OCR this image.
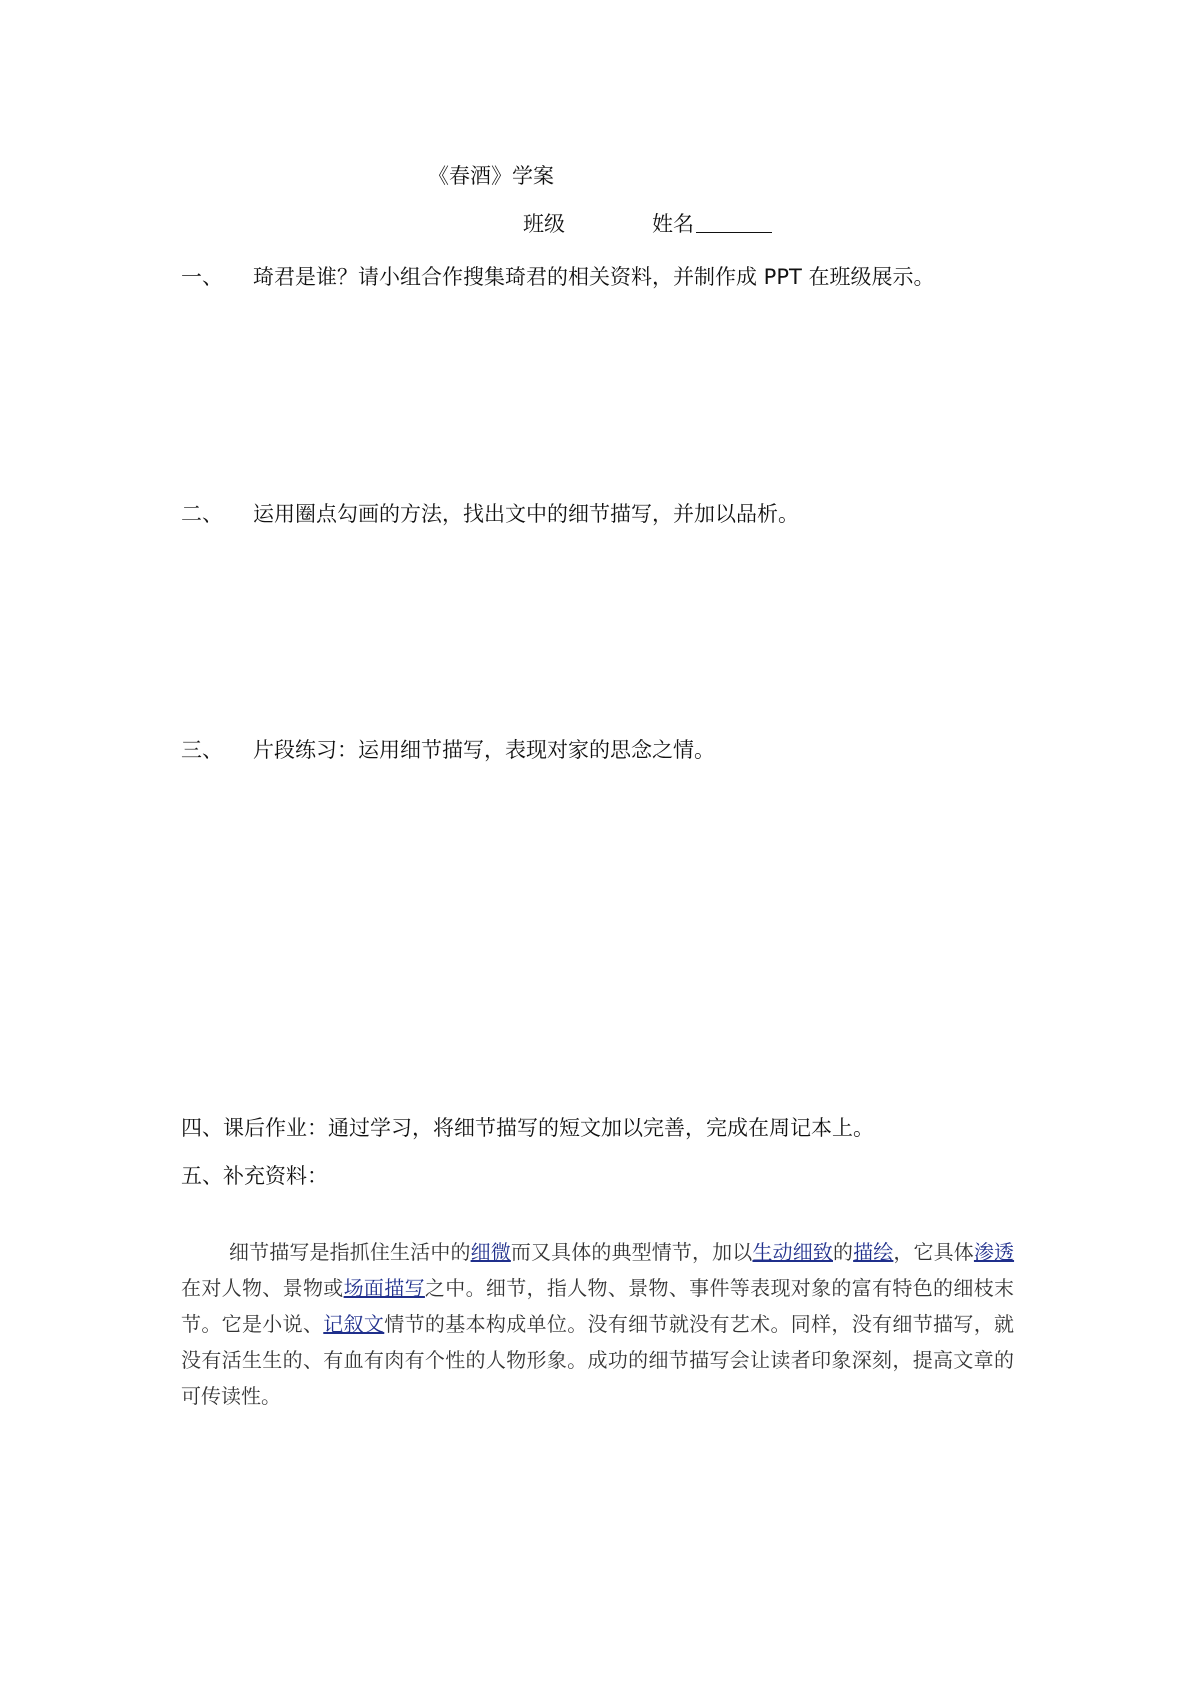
《春酒》学案
班级	姓名
一、 琦君是谁？请小组合作搜集琦君的相关资料，并制作成 PPT 在班级展示。
二、 运用圈点勾画的方法，找出文中的细节描写，并加以品析。
三、 片段练习：运用细节描写，表现对家的思念之情。
四、课后作业：通过学习，将细节描写的短文加以完善，完成在周记本上。
五、补充资料：

细节描写是指抓住生活中的细微而又具体的典型情节，加以生动细致的描绘，它具体渗透在对人物、景物或场面描写之中。细节，指人物、景物、事件等表现对象的富有特色的细枝末节。它是小说、记叙文情节的基本构成单位。没有细节就没有艺术。同样，没有细节描写，就没有活生生的、有血有肉有个性的人物形象。成功的细节描写会让读者印象深刻，提高文章的可传读性。
